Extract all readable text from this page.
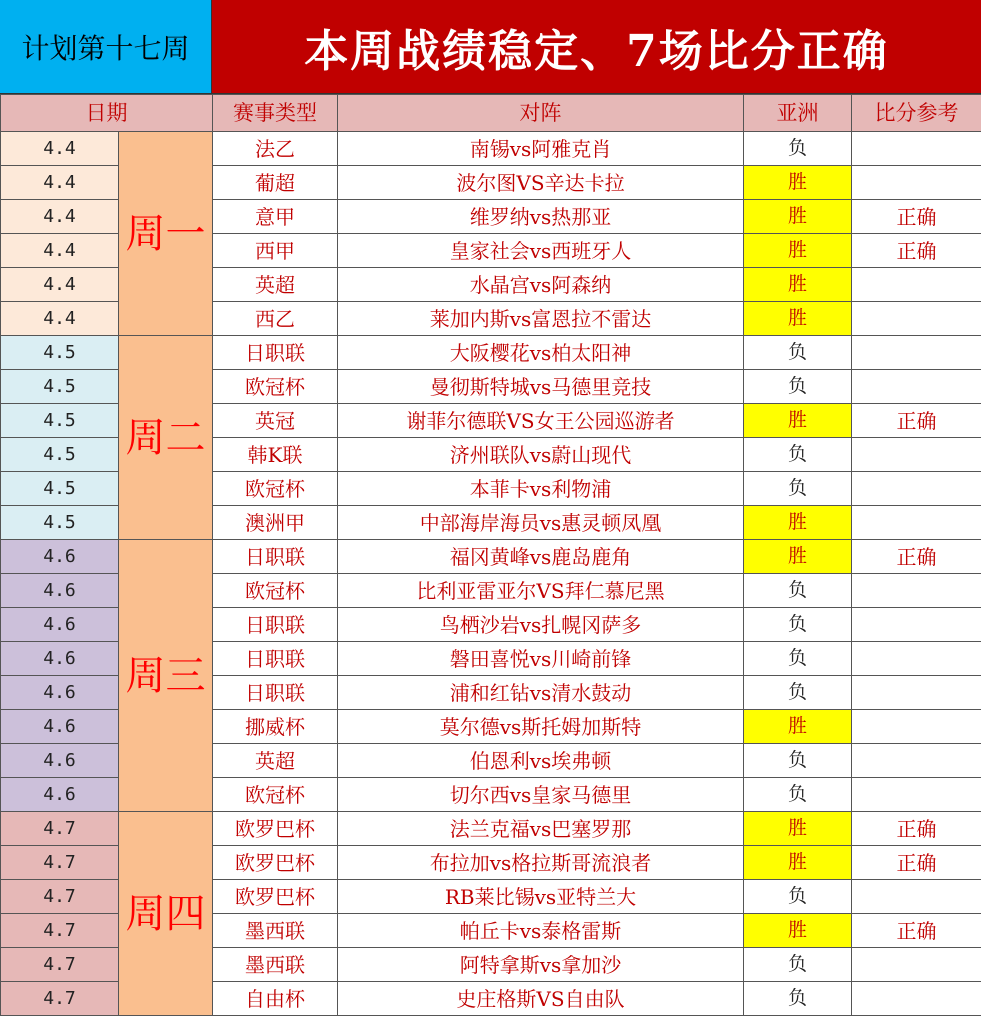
计划第十七周	本周战绩稳定、7场比分正确
日期		赛事类型	对阵	亚洲	比分参考
4.4	周一	法乙	南锡vs阿雅克肖	负	
4.4		葡超	波尔图VS辛达卡拉	胜	
4.4		意甲	维罗纳vs热那亚	胜	正确
4.4		西甲	皇家社会vs西班牙人	胜	正确
4.4		英超	水晶宫vs阿森纳	胜	
4.4		西乙	莱加内斯vs富恩拉不雷达	胜	
4.5	周二	日职联	大阪樱花vs柏太阳神	负	
4.5		欧冠杯	曼彻斯特城vs马德里竞技	负	
4.5		英冠	谢菲尔德联VS女王公园巡游者	胜	正确
4.5		韩K联	济州联队vs蔚山现代	负	
4.5		欧冠杯	本菲卡vs利物浦	负	
4.5		澳洲甲	中部海岸海员vs惠灵顿凤凰	胜	
4.6	周三	日职联	福冈黄峰vs鹿岛鹿角	胜	正确
4.6		欧冠杯	比利亚雷亚尔VS拜仁慕尼黑	负	
4.6		日职联	鸟栖沙岩vs扎幌冈萨多	负	
4.6		日职联	磐田喜悦vs川崎前锋	负	
4.6		日职联	浦和红钻vs清水鼓动	负	
4.6		挪威杯	莫尔德vs斯托姆加斯特	胜	
4.6		英超	伯恩利vs埃弗顿	负	
4.6		欧冠杯	切尔西vs皇家马德里	负	
4.7	周四	欧罗巴杯	法兰克福vs巴塞罗那	胜	正确
4.7		欧罗巴杯	布拉加vs格拉斯哥流浪者	胜	正确
4.7		欧罗巴杯	RB莱比锡vs亚特兰大	负	
4.7		墨西联	帕丘卡vs泰格雷斯	胜	正确
4.7		墨西联	阿特拿斯vs拿加沙	负	
4.7		自由杯	史庄格斯VS自由队	负	
